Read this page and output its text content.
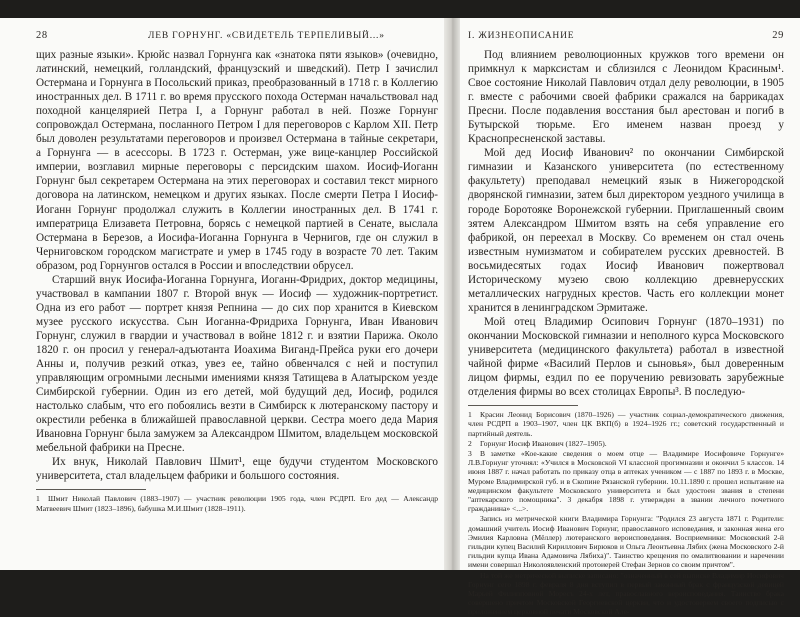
28	ЛЕВ ГОРНУНГ. «СВИДЕТЕЛЬ ТЕРПЕЛИВЫЙ...»

щих разные языки». Крюйс назвал Горнунга как «знатока пяти языков» (очевидно, латинский, немецкий, голландский, французский и шведский). Петр I зачислил Остермана и Горнунга в Посольский приказ, преобразованный в 1718 г. в Коллегию иностранных дел. В 1711 г. во время прусского похода Остерман начальствовал над походной канцелярией Петра I, а Горнунг работал в ней. Позже Горнунг сопровождал Остермана, посланного Петром I для переговоров с Карлом XII. Петр был доволен результатами переговоров и произвел Остермана в тайные секретари, а Горнунга — в асессоры. В 1723 г. Остерман, уже вице-канцлер Российской империи, возглавил мирные переговоры с персидским шахом. Иосиф-Иоганн Горнунг был секретарем Остермана на этих переговорах и составил текст мирного договора на латинском, немецком и других языках. После смерти Петра I Иосиф-Иоганн Горнунг продолжал служить в Коллегии иностранных дел. В 1741 г. императрица Елизавета Петровна, борясь с немецкой партией в Сенате, выслала Остермана в Березов, а Иосифа-Иоганна Горнунга в Чернигов, где он служил в Черниговском городском магистрате и умер в 1745 году в возрасте 70 лет. Таким образом, род Горнунгов остался в России и впоследствии обрусел.

Старший внук Иосифа-Иоганна Горнунга, Иоганн-Фридрих, доктор медицины, участвовал в кампании 1807 г. Второй внук — Иосиф — художник-портретист. Одна из его работ — портрет князя Репнина — до сих пор хранится в Киевском музее русского искусства. Сын Иоганна-Фридриха Горнунга, Иван Иванович Горнунг, служил в гвардии и участвовал в войне 1812 г. и взятии Парижа. Около 1820 г. он просил у генерал-адъютанта Иоахима Виганд-Прейса руки его дочери Анны и, получив резкий отказ, увез ее, тайно обвенчался с ней и поступил управляющим огромными лесными имениями князя Татищева в Алатырском уезде Симбирской губернии. Один из его детей, мой будущий дед, Иосиф, родился настолько слабым, что его побоялись везти в Симбирск к лютеранскому пастору и окрестили ребенка в ближайшей православной церкви. Сестра моего деда Мария Ивановна Горнунг была замужем за Александром Шмитом, владельцем московской мебельной фабрики на Пресне.

Их внук, Николай Павлович Шмит¹, еще будучи студентом Московского университета, стал владельцем фабрики и большого состояния.

1 Шмит Николай Павлович (1883–1907) — участник революции 1905 года, член РСДРП. Его дед — Александр Матвеевич Шмит (1823–1896), бабушка М.И.Шмит (1828–1911).
I. ЖИЗНЕОПИСАНИЕ	29

Под влиянием революционных кружков того времени он примкнул к марксистам и сблизился с Леонидом Красиным¹. Свое состояние Николай Павлович отдал делу революции, в 1905 г. вместе с рабочими своей фабрики сражался на баррикадах Пресни. После подавления восстания был арестован и погиб в Бутырской тюрьме. Его именем назван проезд у Краснопресненской заставы.

Мой дед Иосиф Иванович² по окончании Симбирской гимназии и Казанского университета (по естественному факультету) преподавал немецкий язык в Нижегородской дворянской гимназии, затем был директором уездного училища в городе Боротояке Воронежской губернии. Приглашенный своим зятем Александром Шмитом взять на себя управление его фабрикой, он переехал в Москву. Со временем он стал очень известным нумизматом и собирателем русских древностей. В восьмидесятых годах Иосиф Иванович пожертвовал Историческому музею свою коллекцию древнерусских металлических нагрудных крестов. Часть его коллекции монет хранится в ленинградском Эрмитаже.

Мой отец Владимир Осипович Горнунг (1870–1931) по окончании Московской гимназии и неполного курса Московского университета (медицинского факультета) работал в известной чайной фирме «Василий Перлов и сыновья», был доверенным лицом фирмы, ездил по ее поручению ревизовать зарубежные отделения фирмы во всех столицах Европы³. В последую-

1 Красин Леонид Борисович (1870–1926) — участник социал-демократического движения, член РСДРП в 1903–1907, член ЦК ВКП(б) в 1924–1926 гг.; советский государственный и партийный деятель.
2 Горнунг Иосиф Иванович (1827–1905).
3 В заметке «Кое-какие сведения о моем отце — Владимире Иосифовиче Горнунге» Л.В.Горнунг уточнял: «Учился в Московской VI классной прогимназии и окончил 5 классов. 14 июня 1887 г. начал работать по приказу отца в аптеках учеником — с 1887 по 1893 г. в Москве, Муроме Владимирской губ. и в Скопине Рязанской губернии. 10.11.1890 г. прошел испытание на медицинском факультете Московского университета и был удостоен звания в степени "аптекарского помощника". 3 декабря 1898 г. утвержден в звании личного почетного гражданина» <...>.
Запись из метрической книги Владимира Горнунга: "Родился 23 августа 1871 г. Родители: домашний учитель Иосиф Иванович Горнунг, православного исповедания, и законная жена его Эмилия Карловна (Мёллер) лютеранского вероисповедания. Восприемники: Московский 2-й гильдии купец Василий Кириллович Бирюков и Ольга Леонтьевна Лябих (жена Московского 2-й гильдии купца Ивана Адамовича Лябиха)". Таинство крещения по омалитвовании и наречении имени совершал Николоявленский протоиерей Стефан Зернов со своим причтом".
На той же метрической выписке записано: "означенный в сей выписке Владимир Иосифович Горнунг сего 1898 г. февраля 8 дня вступил в первый законный брак с французской девицей Марьей Филипповной Моресъ 24-х лет, православного вероисповедания. Таинство брака совершено причтом Московской Георгиевской церкви, что и удостоверяем своего подписью с приложением церковной печати Московской Але-
